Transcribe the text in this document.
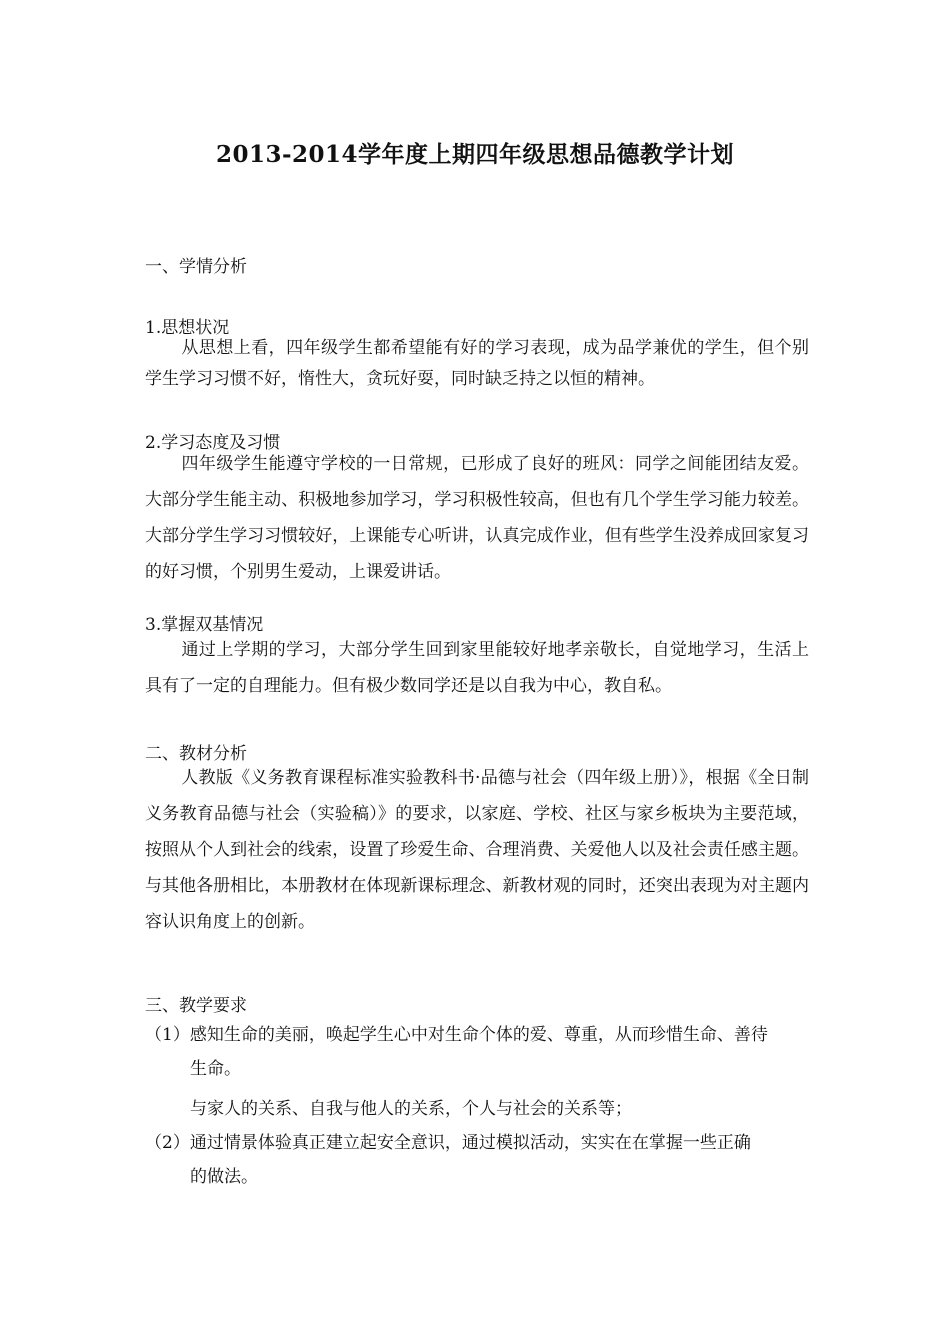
2013-2014学年度上期四年级思想品德教学计划
一、学情分析
1.思想状况
从思想上看，四年级学生都希望能有好的学习表现，成为品学兼优的学生，但个别学生学习习惯不好，惰性大，贪玩好耍，同时缺乏持之以恒的精神。
2.学习态度及习惯
四年级学生能遵守学校的一日常规，已形成了良好的班风：同学之间能团结友爱。大部分学生能主动、积极地参加学习，学习积极性较高，但也有几个学生学习能力较差。大部分学生学习习惯较好，上课能专心听讲，认真完成作业，但有些学生没养成回家复习的好习惯，个别男生爱动，上课爱讲话。
3.掌握双基情况
通过上学期的学习，大部分学生回到家里能较好地孝亲敬长，自觉地学习，生活上具有了一定的自理能力。但有极少数同学还是以自我为中心，教自私。
二、教材分析
人教版《义务教育课程标准实验教科书·品德与社会（四年级上册）》，根据《全日制义务教育品德与社会（实验稿）》的要求，以家庭、学校、社区与家乡板块为主要范域，按照从个人到社会的线索，设置了珍爱生命、合理消费、关爱他人以及社会责任感主题。与其他各册相比，本册教材在体现新课标理念、新教材观的同时，还突出表现为对主题内容认识角度上的创新。
三、教学要求
（1）感知生命的美丽，唤起学生心中对生命个体的爱、尊重，从而珍惜生命、善待
生命。
与家人的关系、自我与他人的关系，个人与社会的关系等；
（2）通过情景体验真正建立起安全意识，通过模拟活动，实实在在掌握一些正确
的做法。
